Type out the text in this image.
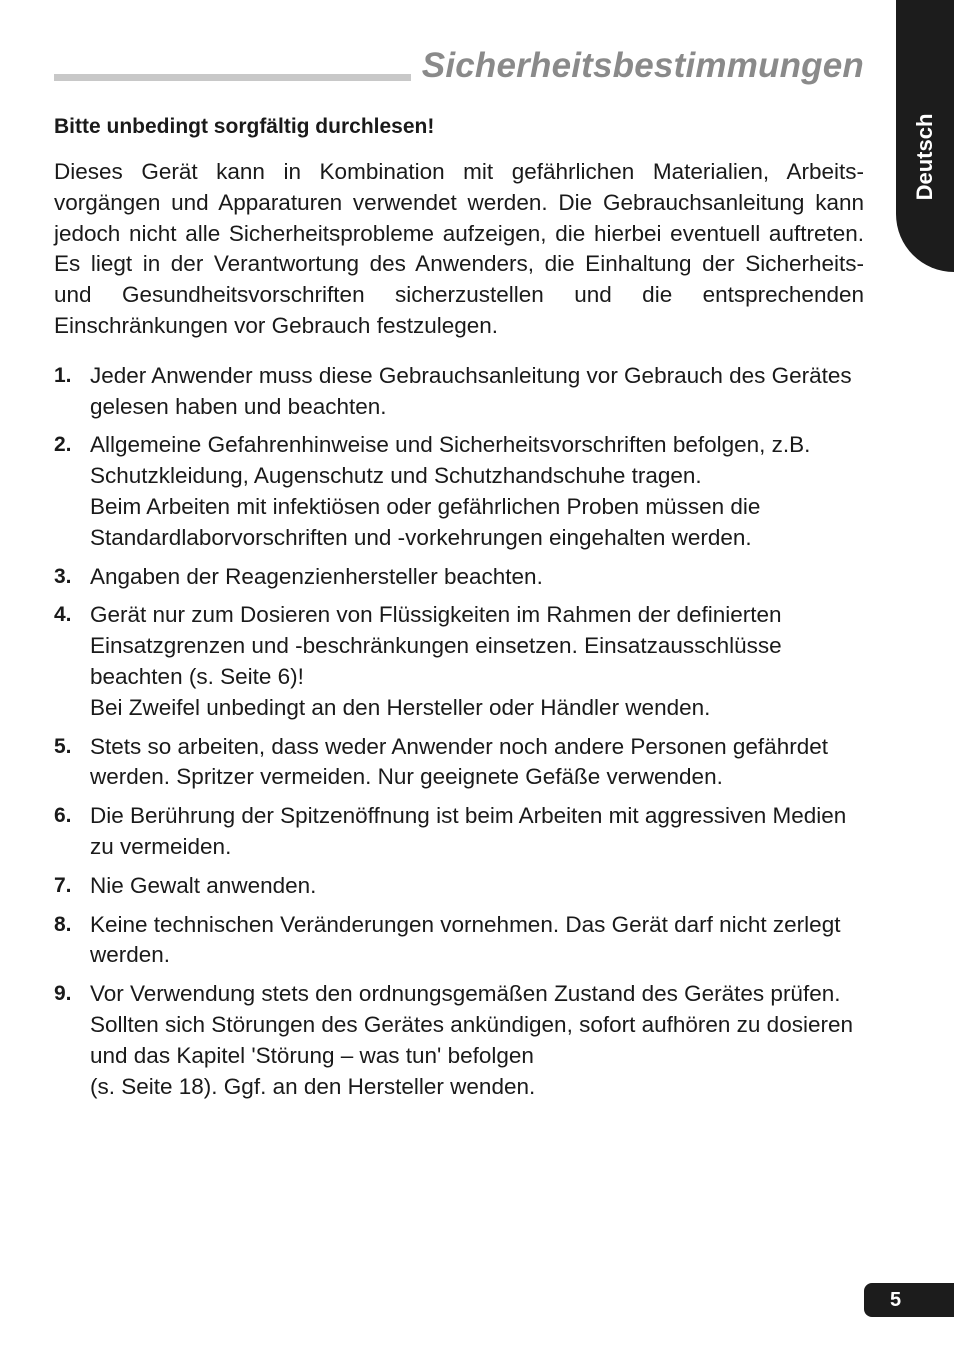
Sicherheitsbestimmungen
Deutsch

Bitte unbedingt sorgfältig durchlesen!

Dieses Gerät kann in Kombination mit gefährlichen Materialien, Arbeitsvorgängen und Apparaturen verwendet werden. Die Gebrauchsanleitung kann jedoch nicht alle Sicherheitsprobleme aufzeigen, die hierbei eventuell auftreten. Es liegt in der Verantwortung des Anwenders, die Einhaltung der Sicherheits- und Gesundheitsvorschriften sicherzustellen und die entsprechenden Einschränkungen vor Gebrauch festzulegen.

1. Jeder Anwender muss diese Gebrauchsanleitung vor Gebrauch des Gerätes gelesen haben und beachten.
2. Allgemeine Gefahrenhinweise und Sicherheitsvorschriften befolgen, z.B. Schutzkleidung, Augenschutz und Schutzhandschuhe tragen.
Beim Arbeiten mit infektiösen oder gefährlichen Proben müssen die Standardlaborvorschriften und -vorkehrungen eingehalten werden.
3. Angaben der Reagenzienhersteller beachten.
4. Gerät nur zum Dosieren von Flüssigkeiten im Rahmen der definierten Einsatzgrenzen und -beschränkungen einsetzen. Einsatzausschlüsse beachten (s. Seite 6)!
Bei Zweifel unbedingt an den Hersteller oder Händler wenden.
5. Stets so arbeiten, dass weder Anwender noch andere Personen gefährdet werden. Spritzer vermeiden. Nur geeignete Gefäße verwenden.
6. Die Berührung der Spitzenöffnung ist beim Arbeiten mit aggressiven Medien zu vermeiden.
7. Nie Gewalt anwenden.
8. Keine technischen Veränderungen vornehmen. Das Gerät darf nicht zerlegt werden.
9. Vor Verwendung stets den ordnungsgemäßen Zustand des Gerätes prüfen. Sollten sich Störungen des Gerätes ankündigen, sofort aufhören zu dosieren und das Kapitel 'Störung – was tun' befolgen
(s. Seite 18). Ggf. an den Hersteller wenden.
5
